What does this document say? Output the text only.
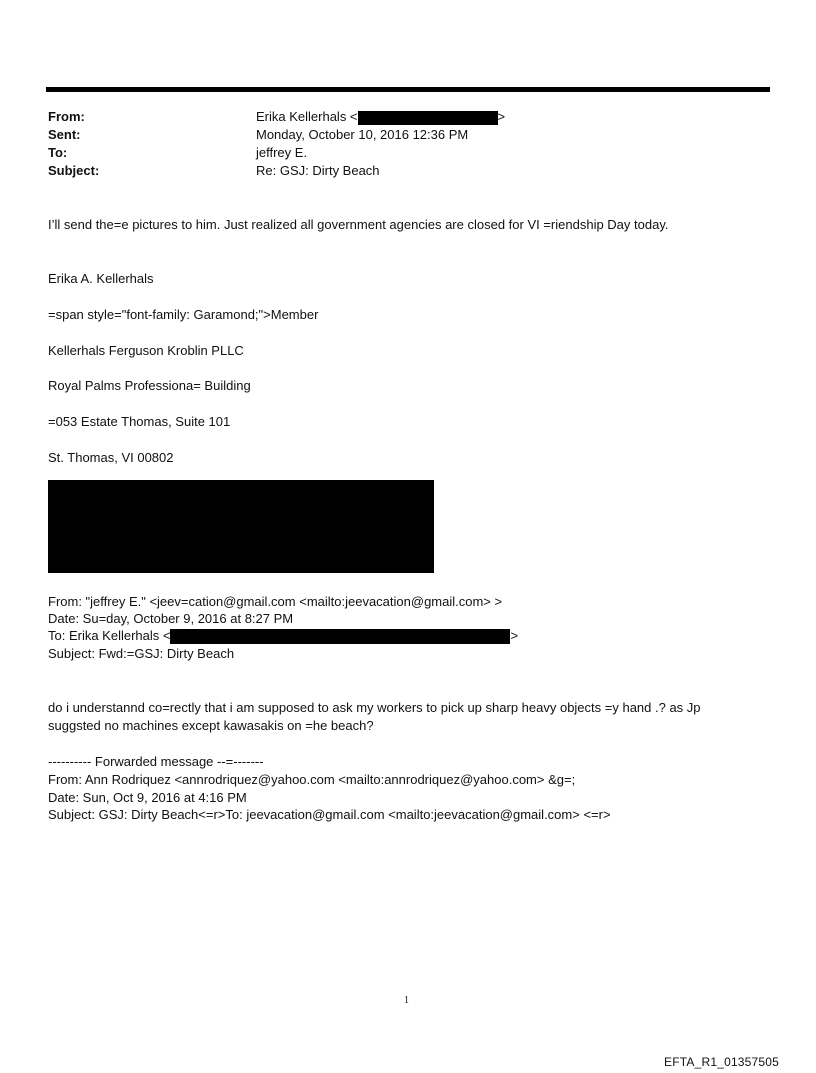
From:	Erika Kellerhals <	>
Sent:	Monday, October 10, 2016 12:36 PM
To:	jeffrey E.
Subject:	Re: GSJ: Dirty Beach
I’ll send the=e pictures to him. Just realized all government agencies are closed for VI =riendship Day today.
Erika A. Kellerhals
=span style="font-family: Garamond;">Member
Kellerhals Ferguson Kroblin PLLC
Royal Palms Professiona= Building
=053 Estate Thomas, Suite 101
St. Thomas, VI 00802
From: "jeffrey E." <jeev=cation@gmail.com <mailto:jeevacation@gmail.com> >
Date: Su=day, October 9, 2016 at 8:27 PM
To: Erika Kellerhals <	>
Subject: Fwd:=GSJ: Dirty Beach
do i understannd co=rectly that i am supposed to ask my workers to pick up sharp heavy objects =y hand .? as Jp
suggsted no machines except kawasakis on =he beach?
---------- Forwarded message --=-------
From: Ann Rodriquez <annrodriquez@yahoo.com <mailto:annrodriquez@yahoo.com> &g=;
Date: Sun, Oct 9, 2016 at 4:16 PM
Subject: GSJ: Dirty Beach<=r>To: jeevacation@gmail.com <mailto:jeevacation@gmail.com> <=r>
1
EFTA_R1_01357505
